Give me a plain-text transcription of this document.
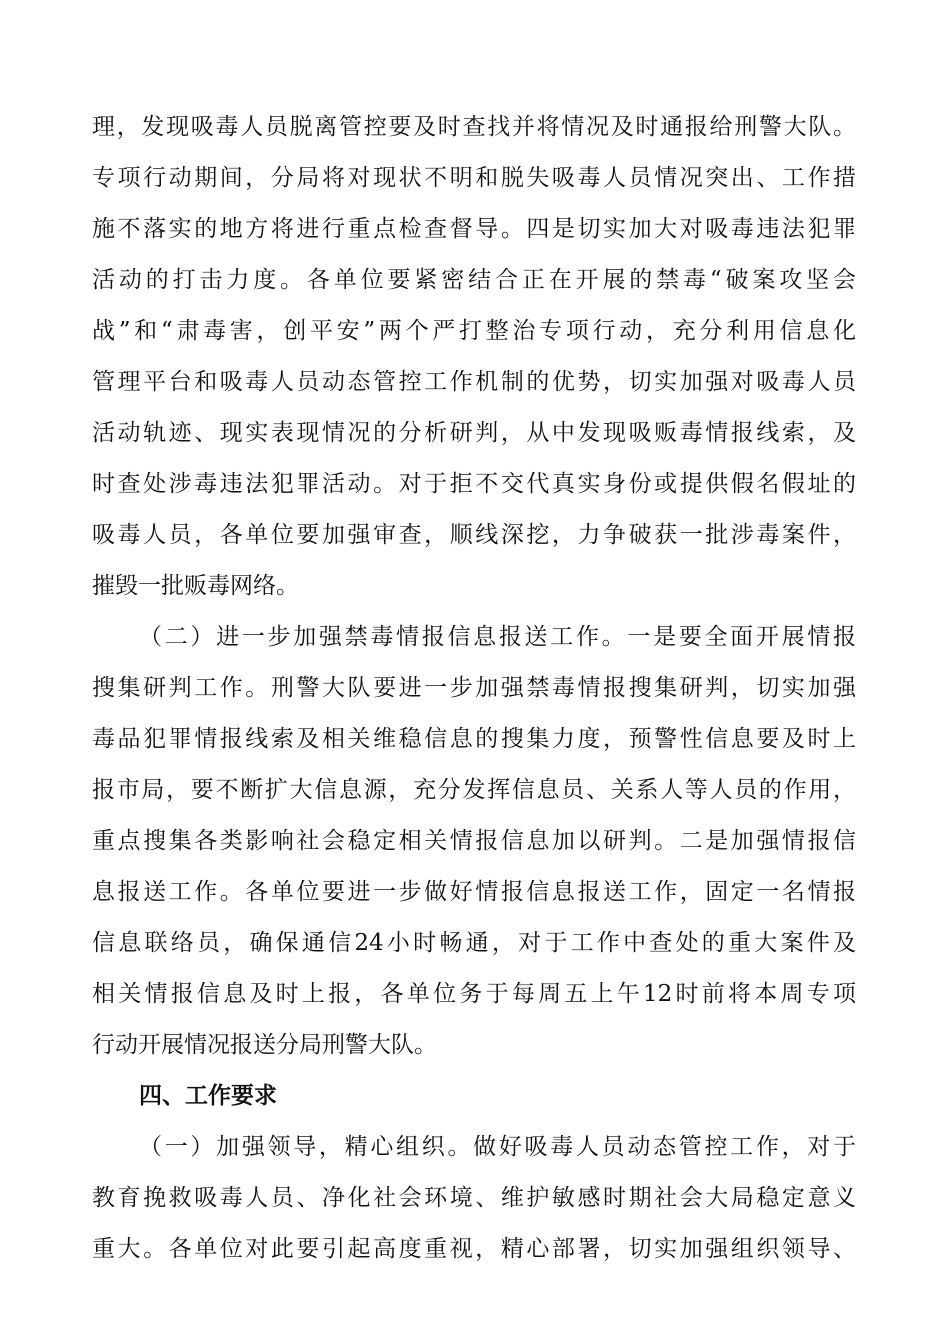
理，发现吸毒人员脱离管控要及时查找并将情况及时通报给刑警大队。
专项行动期间，分局将对现状不明和脱失吸毒人员情况突出、工作措
施不落实的地方将进行重点检查督导。四是切实加大对吸毒违法犯罪
活动的打击力度。各单位要紧密结合正在开展的禁毒“破案攻坚会
战”和“肃毒害，创平安”两个严打整治专项行动，充分利用信息化
管理平台和吸毒人员动态管控工作机制的优势，切实加强对吸毒人员
活动轨迹、现实表现情况的分析研判，从中发现吸贩毒情报线索，及
时查处涉毒违法犯罪活动。对于拒不交代真实身份或提供假名假址的
吸毒人员，各单位要加强审查，顺线深挖，力争破获一批涉毒案件，
摧毁一批贩毒网络。
（二）进一步加强禁毒情报信息报送工作。一是要全面开展情报
搜集研判工作。刑警大队要进一步加强禁毒情报搜集研判，切实加强
毒品犯罪情报线索及相关维稳信息的搜集力度，预警性信息要及时上
报市局，要不断扩大信息源，充分发挥信息员、关系人等人员的作用，
重点搜集各类影响社会稳定相关情报信息加以研判。二是加强情报信
息报送工作。各单位要进一步做好情报信息报送工作，固定一名情报
信息联络员，确保通信24小时畅通，对于工作中查处的重大案件及
相关情报信息及时上报，各单位务于每周五上午12时前将本周专项
行动开展情况报送分局刑警大队。
四、工作要求
（一）加强领导，精心组织。做好吸毒人员动态管控工作，对于
教育挽救吸毒人员、净化社会环境、维护敏感时期社会大局稳定意义
重大。各单位对此要引起高度重视，精心部署，切实加强组织领导、
